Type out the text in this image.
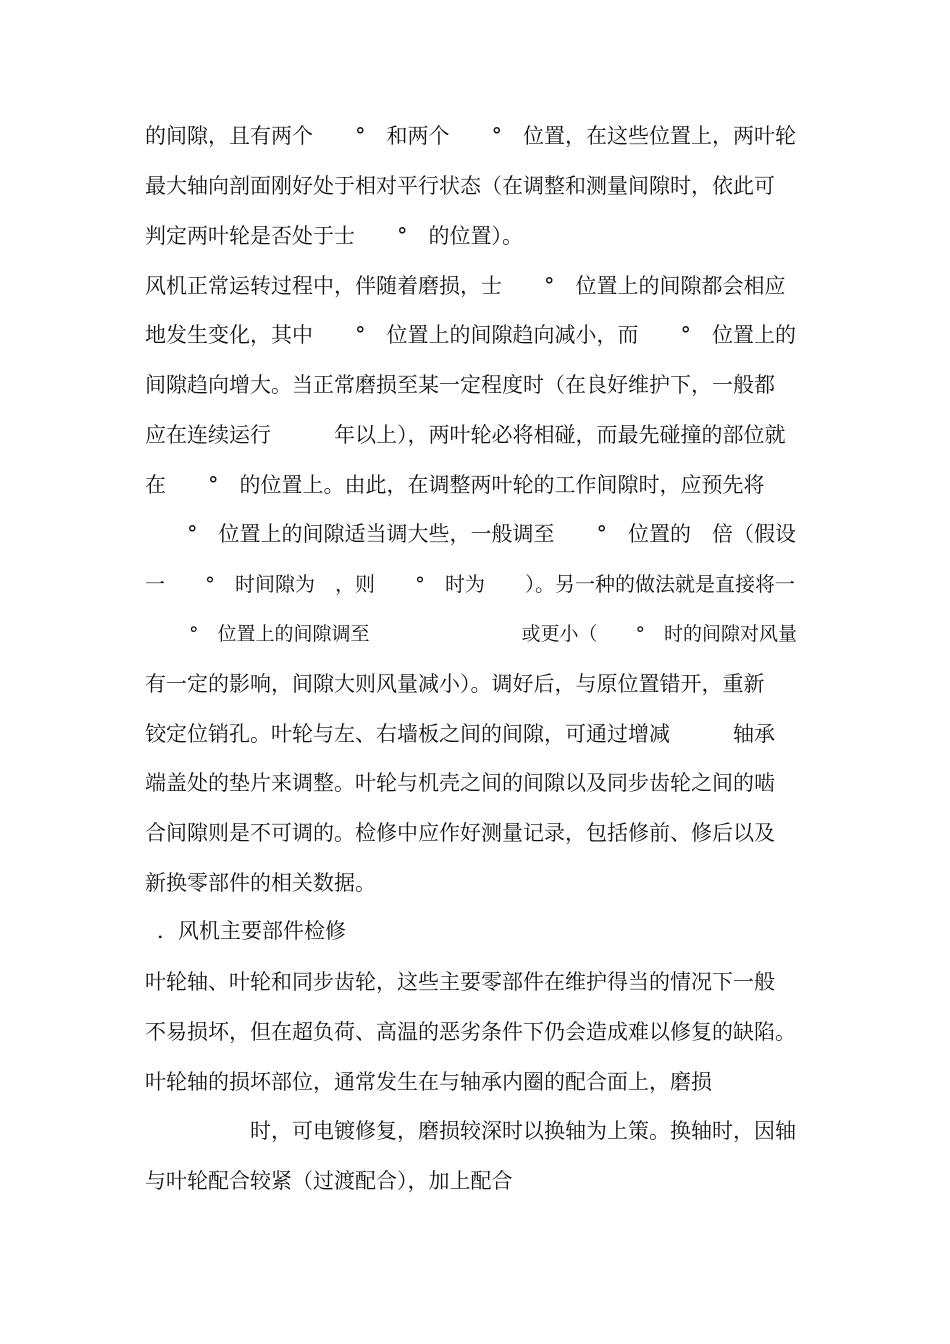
的间隙，且有两个　　°　和两个　　°　位置，在这些位置上，两叶轮
最大轴向剖面刚好处于相对平行状态（在调整和测量间隙时，依此可
判定两叶轮是否处于士　　°　的位置）。
风机正常运转过程中，伴随着磨损，士　　°　位置上的间隙都会相应
地发生变化，其中　　°　位置上的间隙趋向减小，而　　°　位置上的
间隙趋向增大。当正常磨损至某一定程度时（在良好维护下，一般都
应在连续运行　　　年以上），两叶轮必将相碰，而最先碰撞的部位就
在　　°　的位置上。由此，在调整两叶轮的工作间隙时，应预先将
　　°　位置上的间隙适当调大些，一般调至　　°　位置的　倍（假设
一　　°　时间隙为　，则　　°　时为　　）。另一种的做法就是直接将一
　°　位置上的间隙调至　　　　　　　　或更小（　　°　时的间隙对风量
有一定的影响，间隙大则风量减小）。调好后，与原位置错开，重新
铰定位销孔。叶轮与左、右墙板之间的间隙，可通过增减　　　轴承
端盖处的垫片来调整。叶轮与机壳之间的间隙以及同步齿轮之间的啮
合间隙则是不可调的。检修中应作好测量记录，包括修前、修后以及
新换零部件的相关数据。
．风机主要部件检修
叶轮轴、叶轮和同步齿轮，这些主要零部件在维护得当的情况下一般
不易损坏，但在超负荷、高温的恶劣条件下仍会造成难以修复的缺陷。
叶轮轴的损坏部位，通常发生在与轴承内圈的配合面上，磨损
　　　　　时，可电镀修复，磨损较深时以换轴为上策。换轴时，因轴
与叶轮配合较紧（过渡配合），加上配合
